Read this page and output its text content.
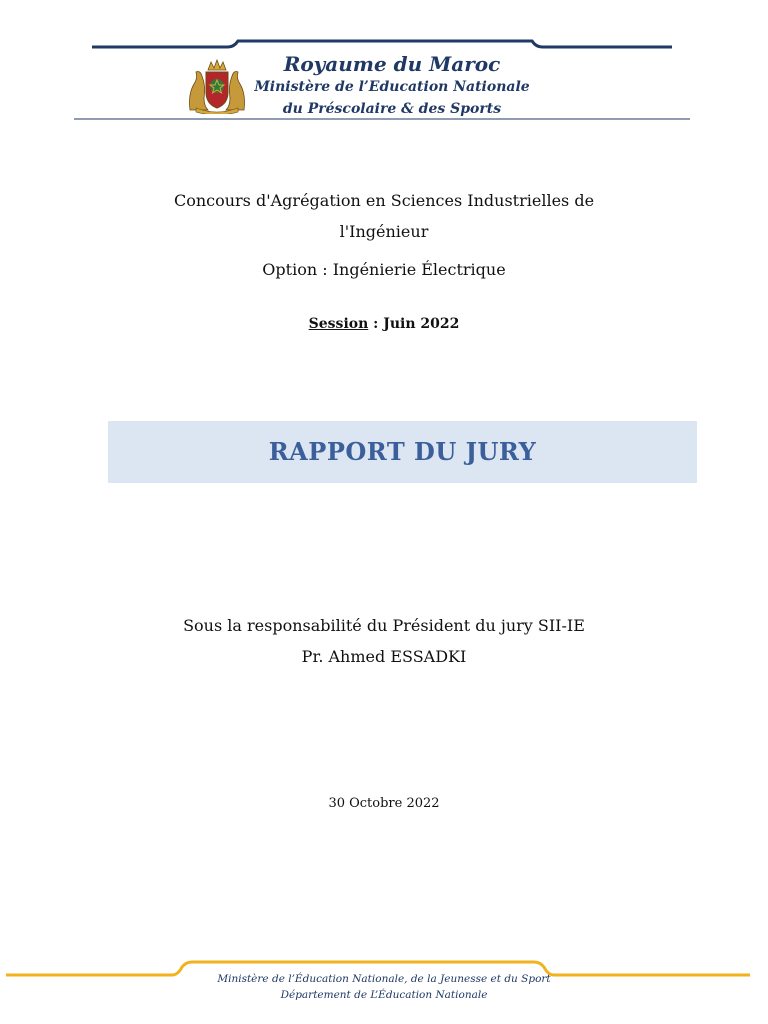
Royaume du Maroc
Ministère de l’Education Nationale
du Préscolaire & des Sports
Concours d'Agrégation en Sciences Industrielles de
l'Ingénieur
Option : Ingénierie Électrique
Session : Juin 2022
RAPPORT DU JURY
Sous la responsabilité du Président du jury SII-IE
Pr. Ahmed ESSADKI
30 Octobre 2022
Ministère de l’Éducation Nationale, de la Jeunesse et du Sport
Département de L’Éducation Nationale
